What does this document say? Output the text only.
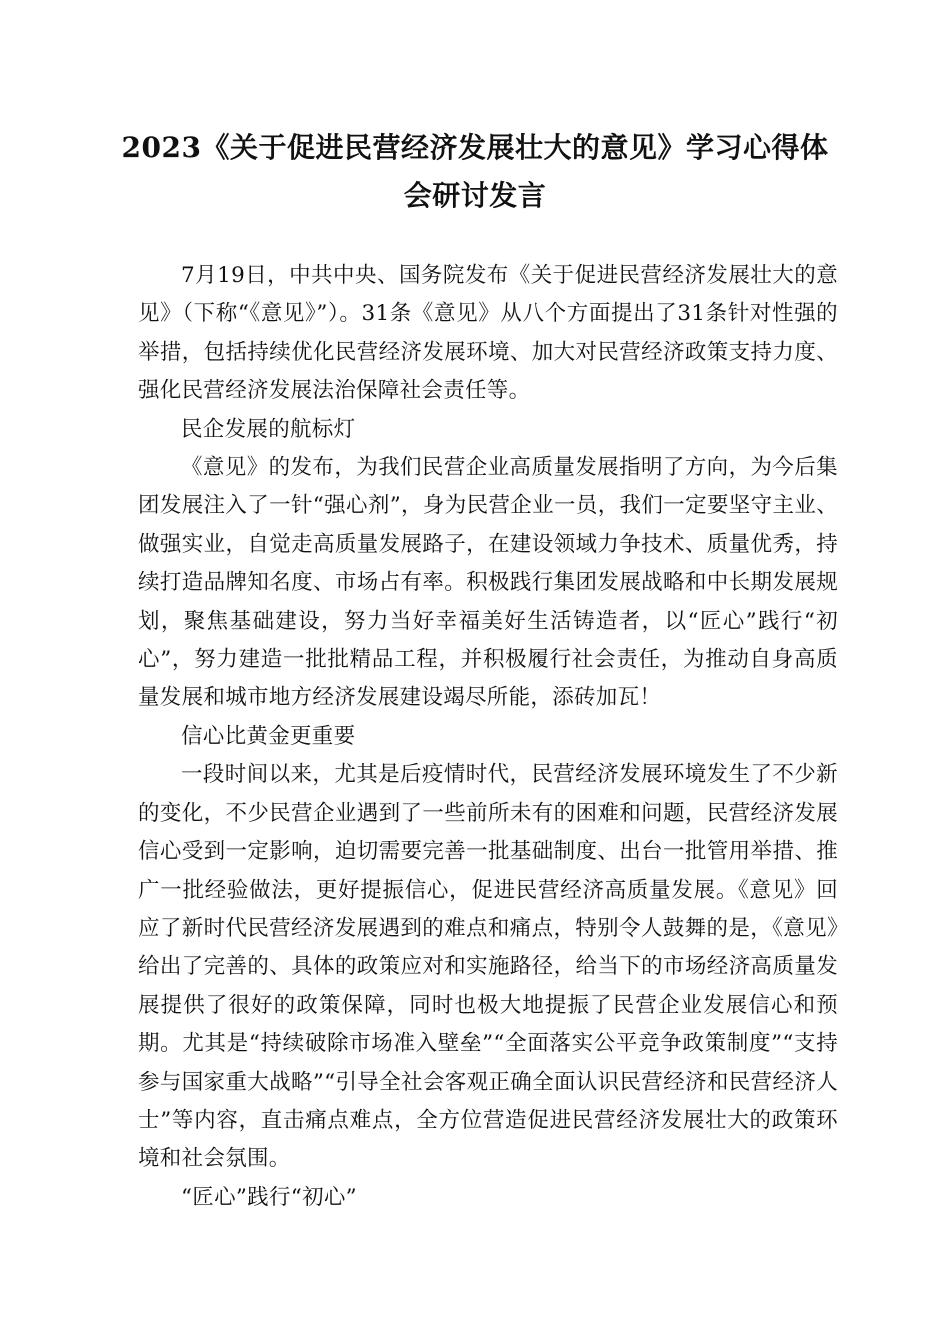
2023《关于促进民营经济发展壮大的意见》学习心得体
会研讨发言

7月19日，中共中央、国务院发布《关于促进民营经济发展壮大的意见》（下称“《意见》”）。31条《意见》从八个方面提出了31条针对性强的举措，包括持续优化民营经济发展环境、加大对民营经济政策支持力度、强化民营经济发展法治保障社会责任等。

民企发展的航标灯

《意见》的发布，为我们民营企业高质量发展指明了方向，为今后集团发展注入了一针“强心剂”，身为民营企业一员，我们一定要坚守主业、做强实业，自觉走高质量发展路子，在建设领域力争技术、质量优秀，持续打造品牌知名度、市场占有率。积极践行集团发展战略和中长期发展规划，聚焦基础建设，努力当好幸福美好生活铸造者，以“匠心”践行“初心”，努力建造一批批精品工程，并积极履行社会责任，为推动自身高质量发展和城市地方经济发展建设竭尽所能，添砖加瓦！

信心比黄金更重要

一段时间以来，尤其是后疫情时代，民营经济发展环境发生了不少新的变化，不少民营企业遇到了一些前所未有的困难和问题，民营经济发展信心受到一定影响，迫切需要完善一批基础制度、出台一批管用举措、推广一批经验做法，更好提振信心，促进民营经济高质量发展。《意见》回应了新时代民营经济发展遇到的难点和痛点，特别令人鼓舞的是，《意见》给出了完善的、具体的政策应对和实施路径，给当下的市场经济高质量发展提供了很好的政策保障，同时也极大地提振了民营企业发展信心和预期。尤其是“持续破除市场准入壁垒”“全面落实公平竞争政策制度”“支持参与国家重大战略”“引导全社会客观正确全面认识民营经济和民营经济人士”等内容，直击痛点难点，全方位营造促进民营经济发展壮大的政策环境和社会氛围。

“匠心”践行“初心”
